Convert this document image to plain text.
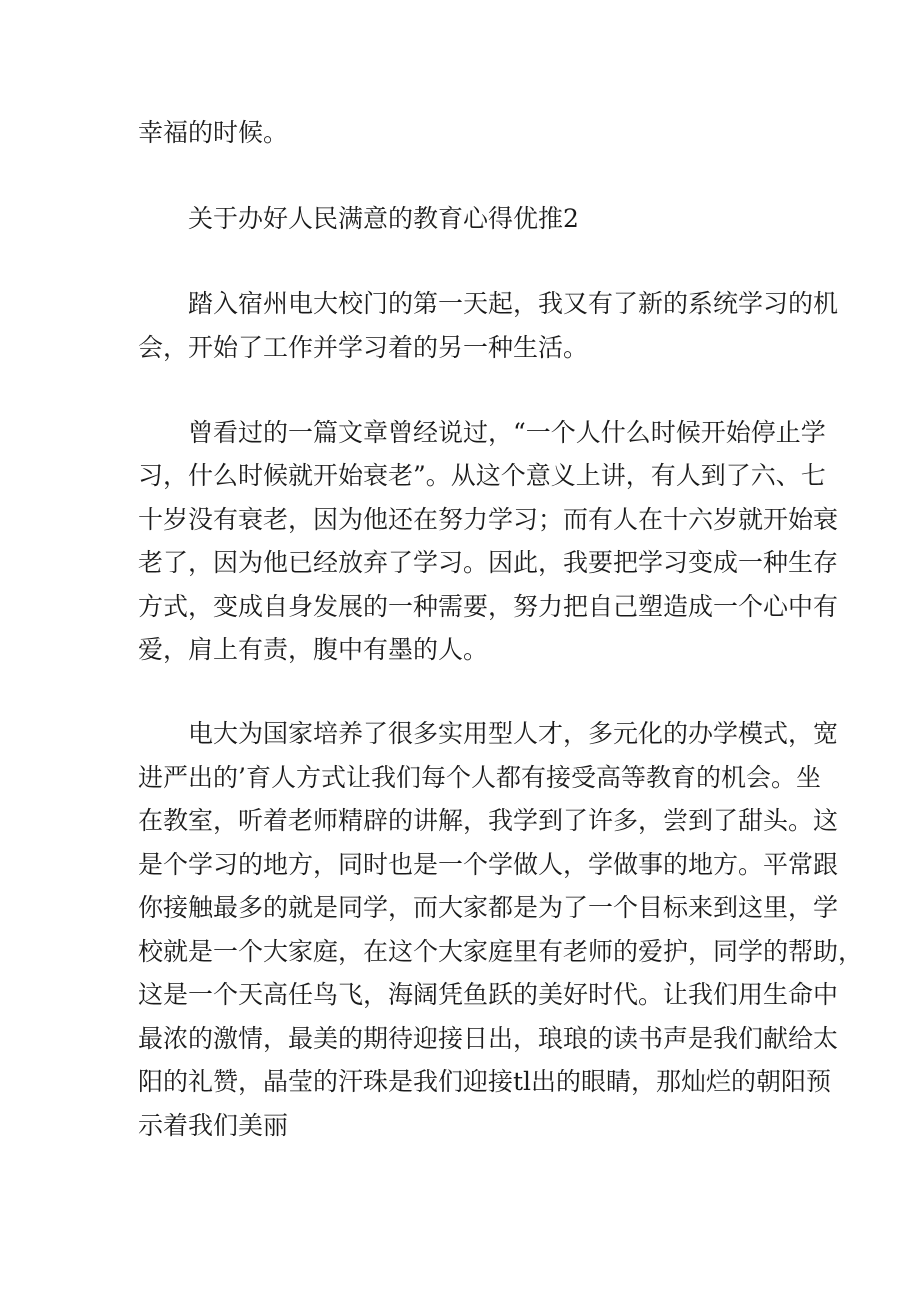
幸福的时候。
关于办好人民满意的教育心得优推2
踏入宿州电大校门的第一天起，我又有了新的系统学习的机
会，开始了工作并学习着的另一种生活。
曾看过的一篇文章曾经说过，“一个人什么时候开始停止学
习，什么时候就开始衰老”。从这个意义上讲，有人到了六、七
十岁没有衰老，因为他还在努力学习；而有人在十六岁就开始衰
老了，因为他已经放弃了学习。因此，我要把学习变成一种生存
方式，变成自身发展的一种需要，努力把自己塑造成一个心中有
爱，肩上有责，腹中有墨的人。
电大为国家培养了很多实用型人才，多元化的办学模式，宽
进严出的’育人方式让我们每个人都有接受高等教育的机会。坐
在教室，听着老师精辟的讲解，我学到了许多，尝到了甜头。这
是个学习的地方，同时也是一个学做人，学做事的地方。平常跟
你接触最多的就是同学，而大家都是为了一个目标来到这里，学
校就是一个大家庭，在这个大家庭里有老师的爱护，同学的帮助，
这是一个天高任鸟飞，海阔凭鱼跃的美好时代。让我们用生命中
最浓的激情，最美的期待迎接日出，琅琅的读书声是我们献给太
阳的礼赞，晶莹的汗珠是我们迎接tl出的眼睛，那灿烂的朝阳预
示着我们美丽
